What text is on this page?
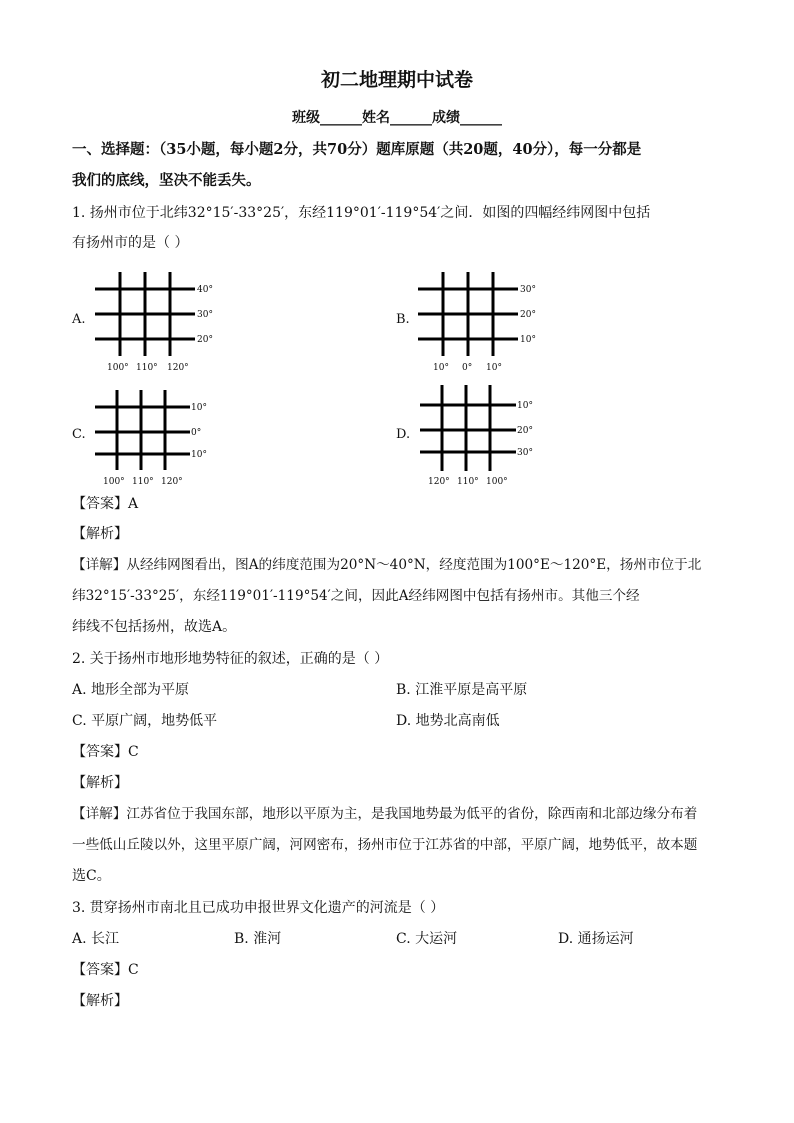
初二地理期中试卷
班级______姓名______成绩______
一、选择题：（35小题，每小题2分，共70分）题库原题（共20题，40分），每一分都是
我们的底线，坚决不能丢失。
1. 扬州市位于北纬32°15′-33°25′，东经119°01′-119°54′之间．如图的四幅经纬网图中包括
有扬州市的是（ ）
A.
40°
30°
20°
100° 110° 120°
B.
30°
20°
10°
10° 0° 10°
C.
10°
0°
10°
100° 110° 120°
D.
10°
20°
30°
120° 110° 100°
【答案】A
【解析】
【详解】从经纬网图看出，图A的纬度范围为20°N～40°N，经度范围为100°E～120°E，扬州市位于北
纬32°15′-33°25′，东经119°01′-119°54′之间，因此A经纬网图中包括有扬州市。其他三个经
纬线不包括扬州，故选A。
2. 关于扬州市地形地势特征的叙述，正确的是（ ）
A. 地形全部为平原	B. 江淮平原是高平原
C. 平原广阔，地势低平	D. 地势北高南低
【答案】C
【解析】
【详解】江苏省位于我国东部，地形以平原为主，是我国地势最为低平的省份，除西南和北部边缘分布着
一些低山丘陵以外，这里平原广阔，河网密布，扬州市位于江苏省的中部，平原广阔，地势低平，故本题
选C。
3. 贯穿扬州市南北且已成功申报世界文化遗产的河流是（ ）
A. 长江	B. 淮河	C. 大运河	D. 通扬运河
【答案】C
【解析】
